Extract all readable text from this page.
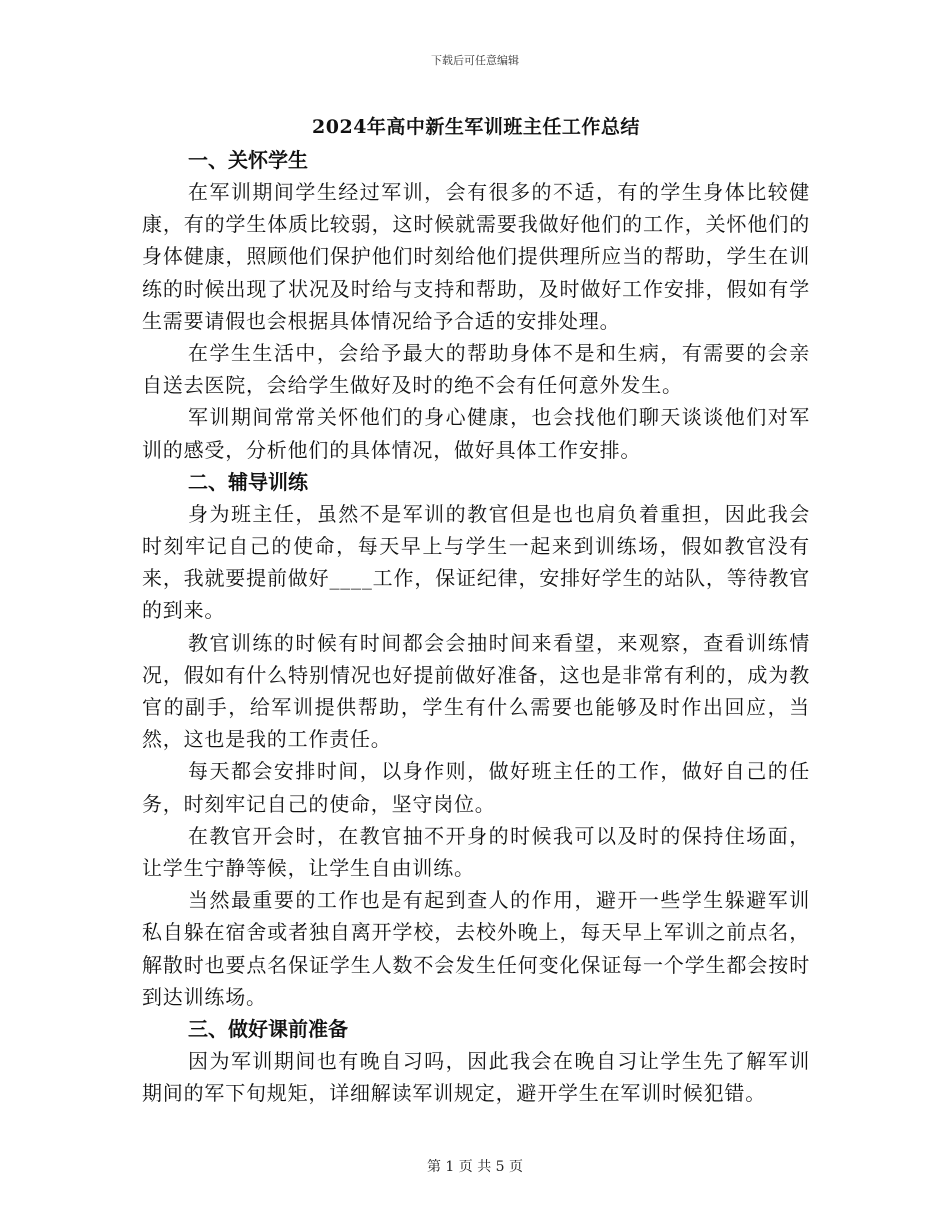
下载后可任意编辑
2024年高中新生军训班主任工作总结
一、关怀学生

在军训期间学生经过军训，会有很多的不适，有的学生身体比较健康，有的学生体质比较弱，这时候就需要我做好他们的工作，关怀他们的身体健康，照顾他们保护他们时刻给他们提供理所应当的帮助，学生在训练的时候出现了状况及时给与支持和帮助，及时做好工作安排，假如有学生需要请假也会根据具体情况给予合适的安排处理。

在学生生活中，会给予最大的帮助身体不是和生病，有需要的会亲自送去医院，会给学生做好及时的绝不会有任何意外发生。

军训期间常常关怀他们的身心健康，也会找他们聊天谈谈他们对军训的感受，分析他们的具体情况，做好具体工作安排。

二、辅导训练

身为班主任，虽然不是军训的教官但是也也肩负着重担，因此我会时刻牢记自己的使命，每天早上与学生一起来到训练场，假如教官没有来，我就要提前做好____工作，保证纪律，安排好学生的站队，等待教官的到来。

教官训练的时候有时间都会会抽时间来看望，来观察，查看训练情况，假如有什么特别情况也好提前做好准备，这也是非常有利的，成为教官的副手，给军训提供帮助，学生有什么需要也能够及时作出回应，当然，这也是我的工作责任。

每天都会安排时间，以身作则，做好班主任的工作，做好自己的任务，时刻牢记自己的使命，坚守岗位。

在教官开会时，在教官抽不开身的时候我可以及时的保持住场面，让学生宁静等候，让学生自由训练。

当然最重要的工作也是有起到查人的作用，避开一些学生躲避军训私自躲在宿舍或者独自离开学校，去校外晚上，每天早上军训之前点名，解散时也要点名保证学生人数不会发生任何变化保证每一个学生都会按时到达训练场。

三、做好课前准备

因为军训期间也有晚自习吗，因此我会在晚自习让学生先了解军训期间的军下旬规矩，详细解读军训规定，避开学生在军训时候犯错。

第 1 页 共 5 页
